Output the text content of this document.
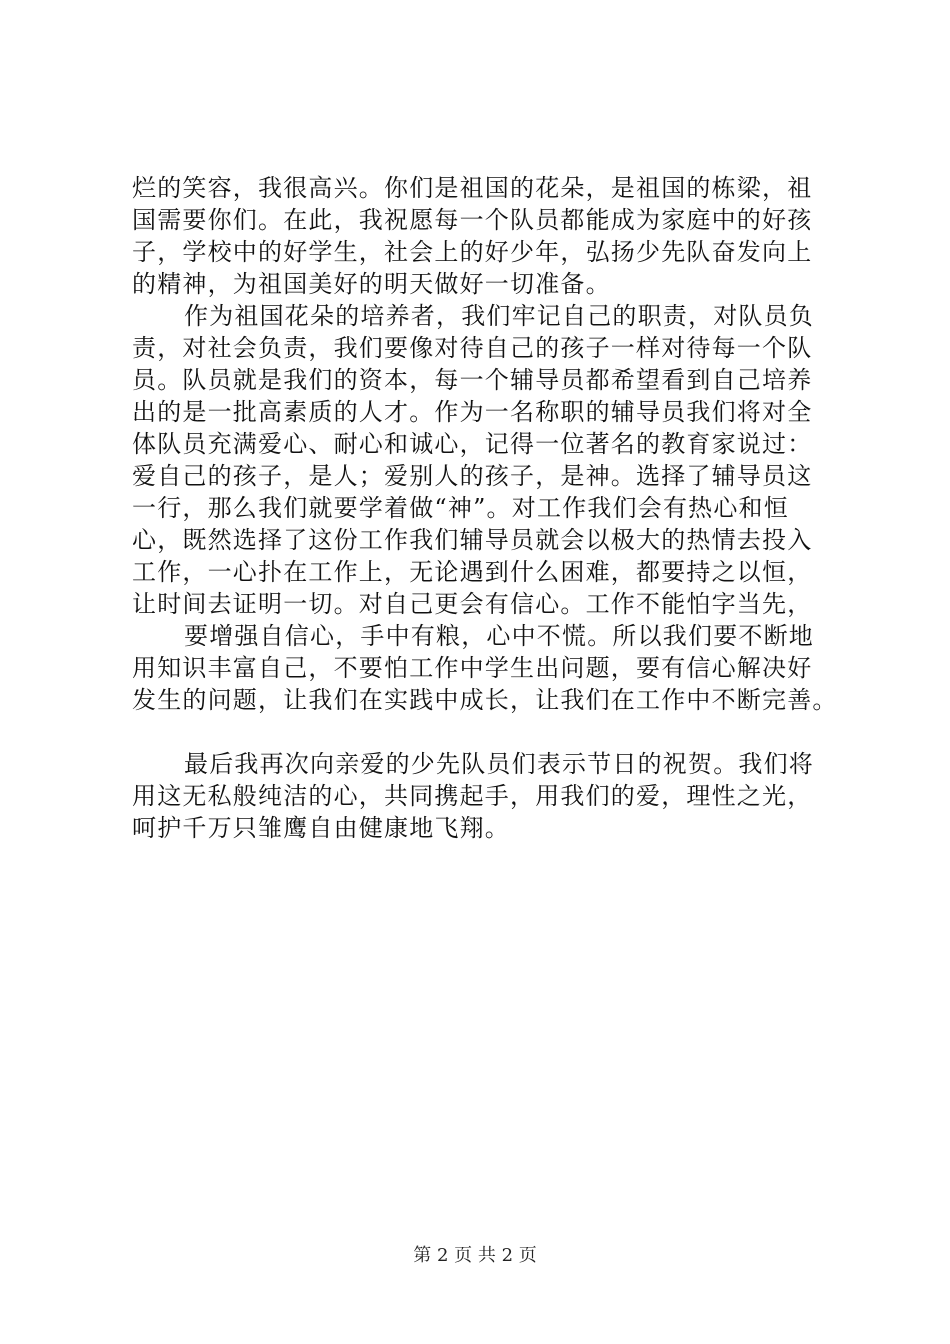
烂的笑容，我很高兴。你们是祖国的花朵，是祖国的栋梁，祖
国需要你们。在此，我祝愿每一个队员都能成为家庭中的好孩
子，学校中的好学生，社会上的好少年，弘扬少先队奋发向上
的精神，为祖国美好的明天做好一切准备。
作为祖国花朵的培养者，我们牢记自己的职责，对队员负
责，对社会负责，我们要像对待自己的孩子一样对待每一个队
员。队员就是我们的资本，每一个辅导员都希望看到自己培养
出的是一批高素质的人才。作为一名称职的辅导员我们将对全
体队员充满爱心、耐心和诚心，记得一位著名的教育家说过：
爱自己的孩子，是人；爱别人的孩子，是神。选择了辅导员这
一行，那么我们就要学着做“神”。对工作我们会有热心和恒
心，既然选择了这份工作我们辅导员就会以极大的热情去投入
工作，一心扑在工作上，无论遇到什么困难，都要持之以恒，
让时间去证明一切。对自己更会有信心。工作不能怕字当先，
要增强自信心，手中有粮，心中不慌。所以我们要不断地
用知识丰富自己，不要怕工作中学生出问题，要有信心解决好
发生的问题，让我们在实践中成长，让我们在工作中不断完善。
最后我再次向亲爱的少先队员们表示节日的祝贺。我们将
用这无私般纯洁的心，共同携起手，用我们的爱，理性之光，
呵护千万只雏鹰自由健康地飞翔。
第 2 页 共 2 页
